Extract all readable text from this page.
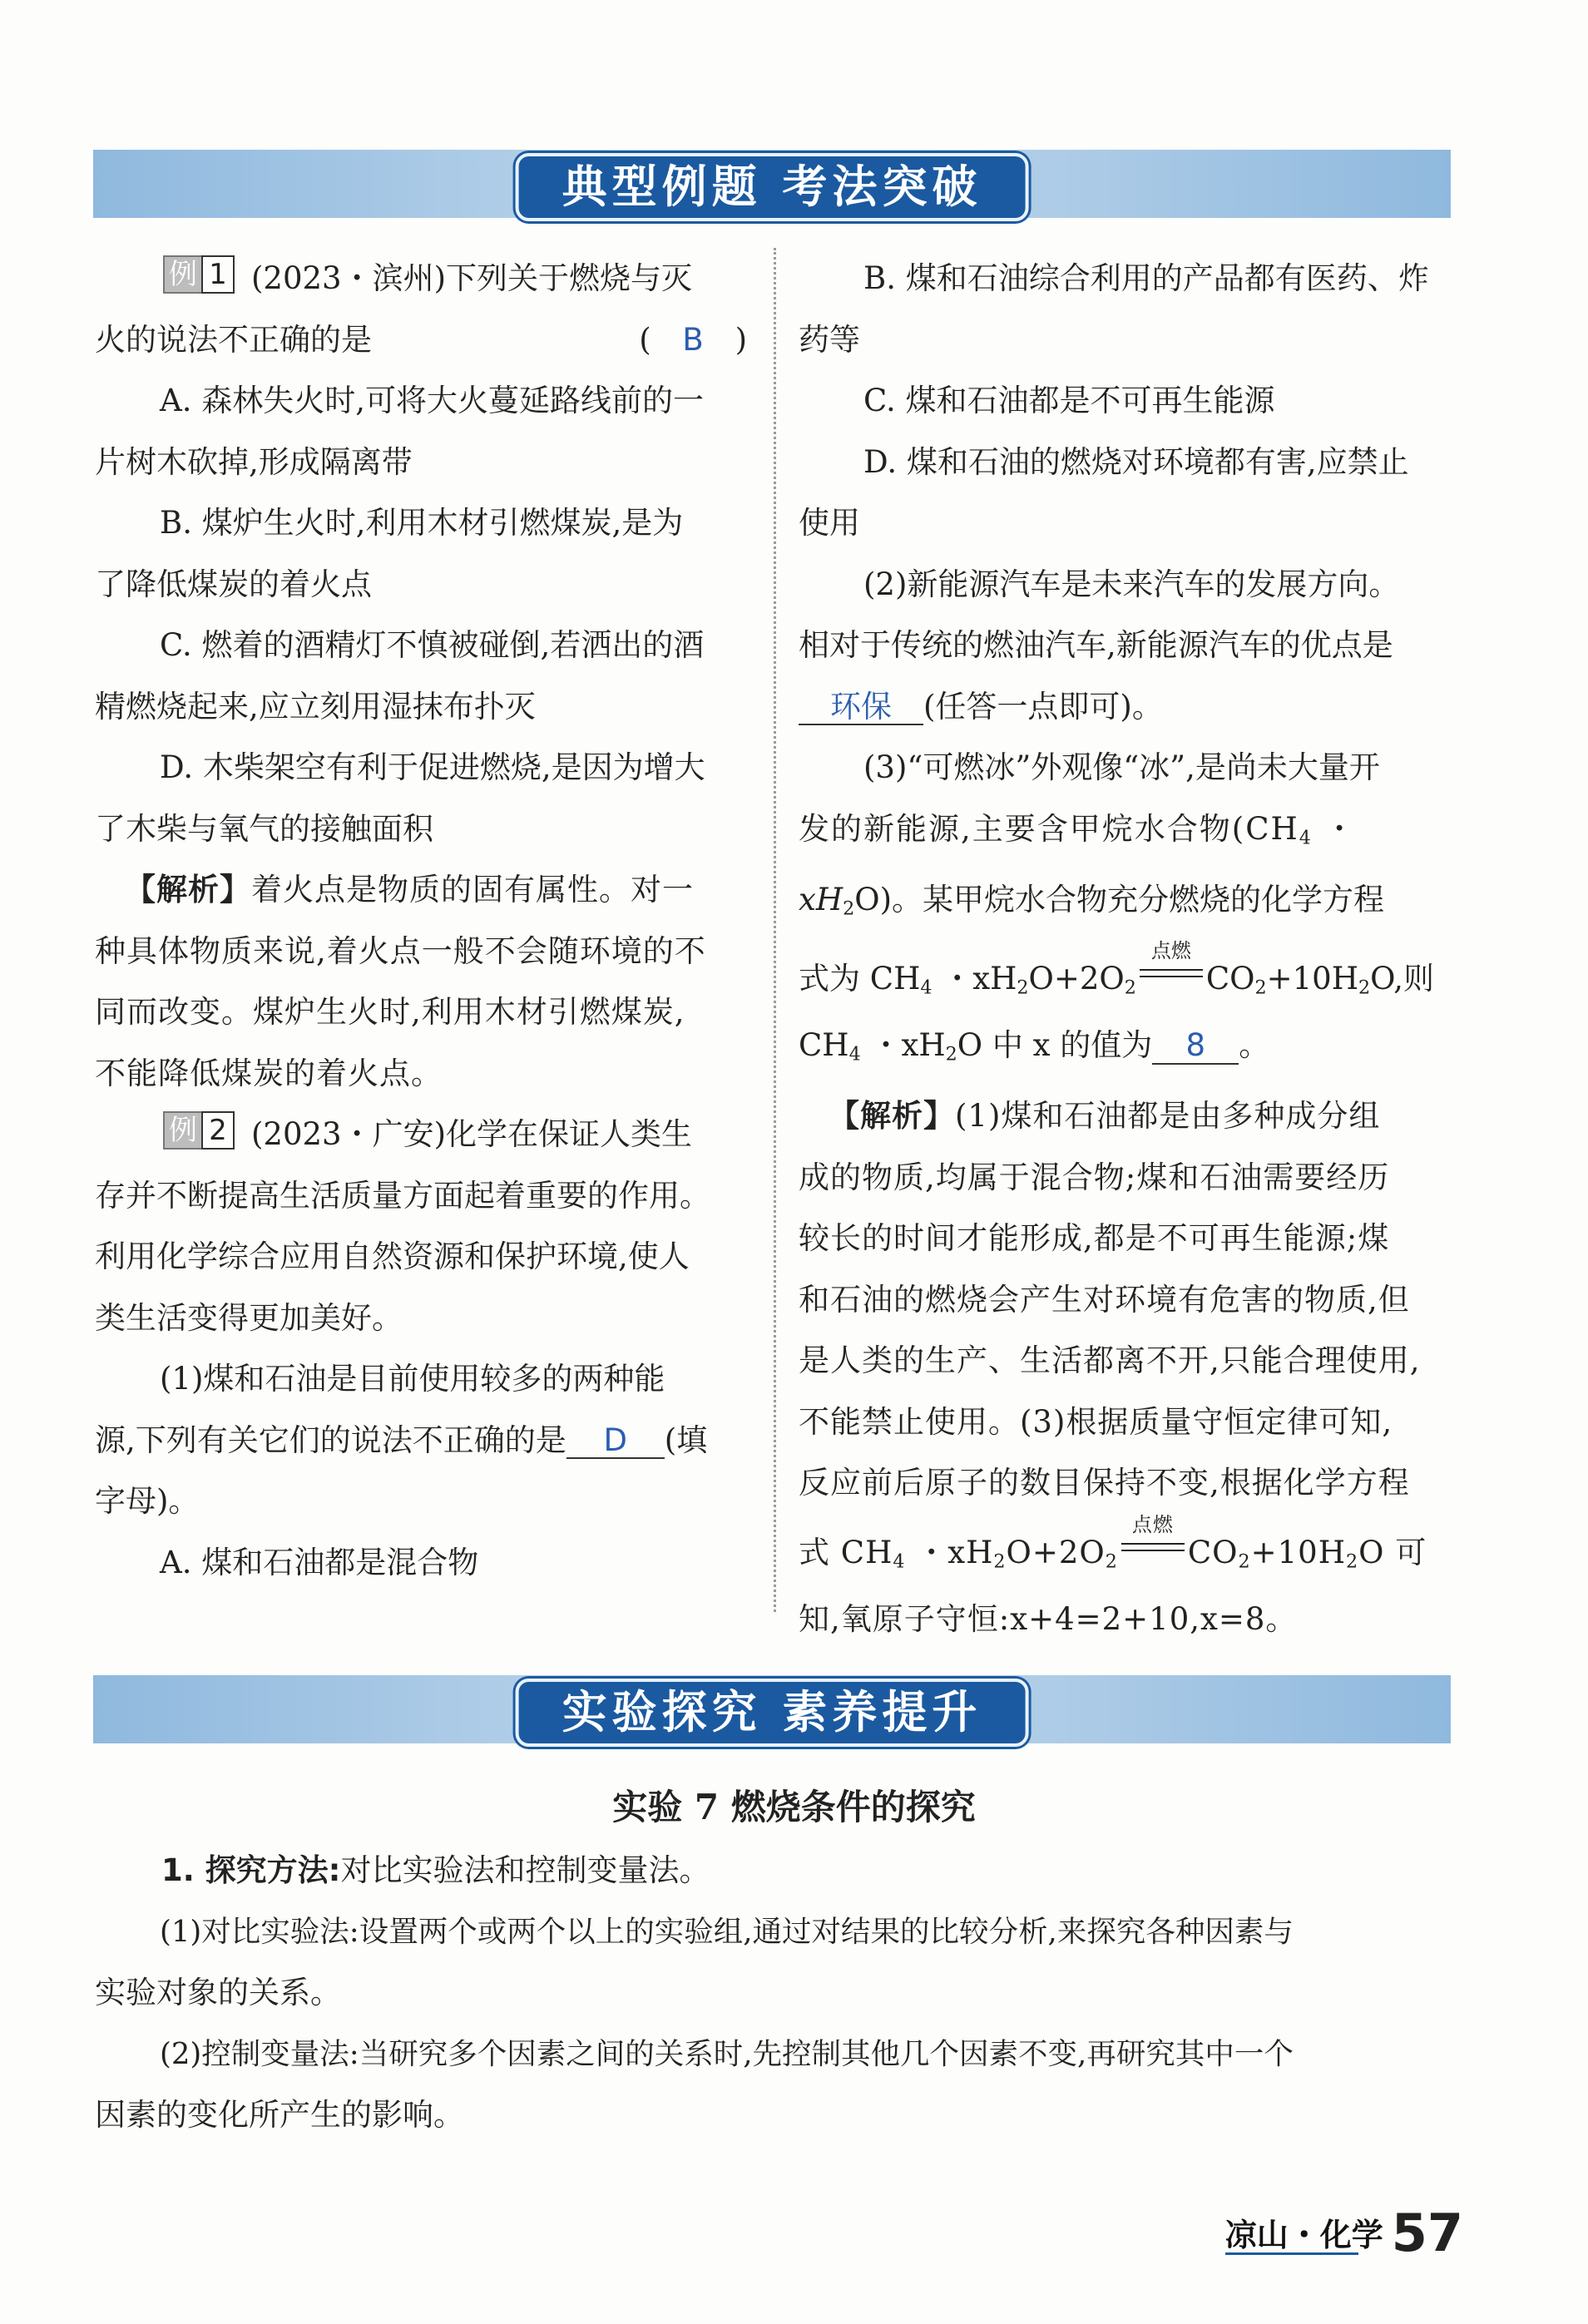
典型例题 考法突破

例 1 (2023・滨州)下列关于燃烧与灭

火的说法不正确的是	( B )

A. 森林失火时,可将大火蔓延路线前的一

片树木砍掉,形成隔离带

B. 煤炉生火时,利用木材引燃煤炭,是为

了降低煤炭的着火点

C. 燃着的酒精灯不慎被碰倒,若洒出的酒

精燃烧起来,应立刻用湿抹布扑灭

D. 木柴架空有利于促进燃烧,是因为增大

了木柴与氧气的接触面积

【解析】着火点是物质的固有属性。对一

种具体物质来说,着火点一般不会随环境的不

同而改变。煤炉生火时,利用木材引燃煤炭,

不能降低煤炭的着火点。

例 2 (2023・广安)化学在保证人类生

存并不断提高生活质量方面起着重要的作用。

利用化学综合应用自然资源和保护环境,使人

类生活变得更加美好。

(1)煤和石油是目前使用较多的两种能

源,下列有关它们的说法不正确的是 D (填

字母)。

A. 煤和石油都是混合物

B. 煤和石油综合利用的产品都有医药、炸

药等

C. 煤和石油都是不可再生能源

D. 煤和石油的燃烧对环境都有害,应禁止

使用

(2)新能源汽车是未来汽车的发展方向。

相对于传统的燃油汽车,新能源汽车的优点是

环保 (任答一点即可)。

(3)“可燃冰”外观像“冰”,是尚未大量开

发的新能源,主要含甲烷水合物($CH_4$ ・

$xH_2O$)。某甲烷水合物充分燃烧的化学方程

式为 $CH_4$ ・$xH_2O+2O_2$
点燃
$CO_2+10H_2O$,则

$CH_4$ ・$xH_2O$ 中 x 的值为 8 。

【解析】(1)煤和石油都是由多种成分组

成的物质,均属于混合物;煤和石油需要经历

较长的时间才能形成,都是不可再生能源;煤

和石油的燃烧会产生对环境有危害的物质,但

是人类的生产、生活都离不开,只能合理使用,

不能禁止使用。(3)根据质量守恒定律可知,

反应前后原子的数目保持不变,根据化学方程

式 $CH_4$ ・$xH_2O+2O_2$
点燃
$CO_2+10H_2O$ 可

知,氧原子守恒:x+4=2+10,x=8。

实验探究 素养提升
实验 7 燃烧条件的探究

1. 探究方法:对比实验法和控制变量法。

(1)对比实验法:设置两个或两个以上的实验组,通过对结果的比较分析,来探究各种因素与

实验对象的关系。

(2)控制变量法:当研究多个因素之间的关系时,先控制其他几个因素不变,再研究其中一个

因素的变化所产生的影响。

凉山・化学 57
